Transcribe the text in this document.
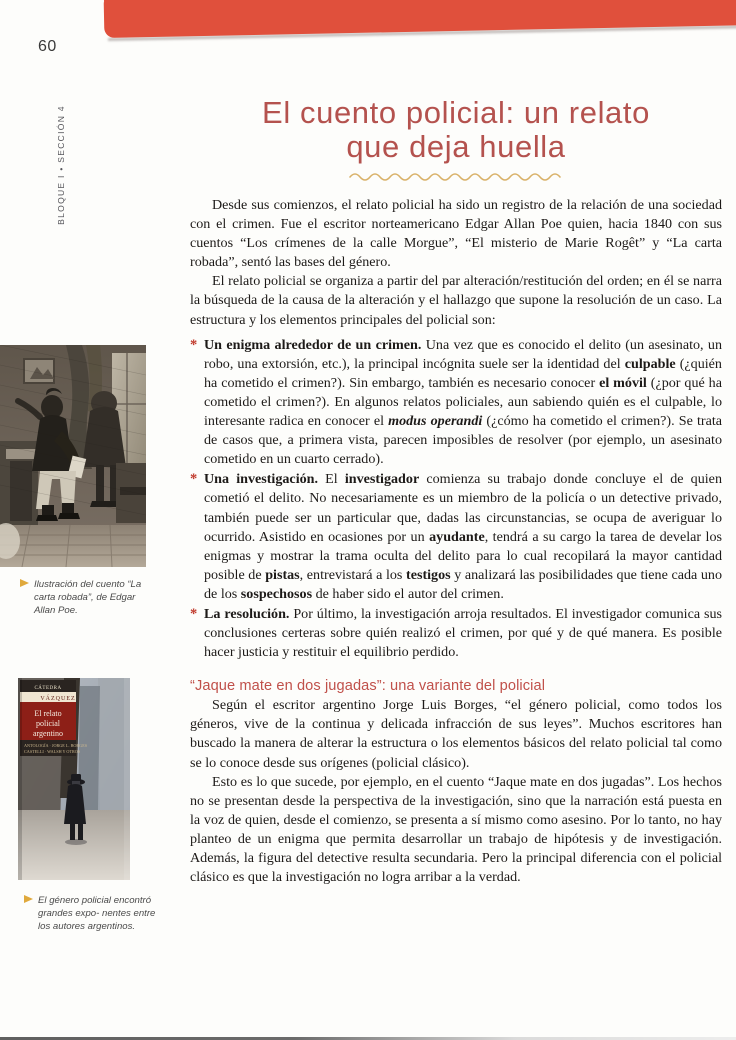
60
BLOQUE I • SECCIÓN 4
Ilustración del cuento “La carta robada”, de Edgar Allan Poe.
CÁTEDRA
VÁZQUEZ
El relato
policial
argentino
ANTOLOGÍA · JORGE L. BORGES
CASTELLI · WALSH Y OTROS
El género policial encontró grandes expo- nentes entre los autores argentinos.
El cuento policial: un relato
que deja huella

Desde sus comienzos, el relato policial ha sido un registro de la relación de una sociedad con el crimen. Fue el escritor norteamericano Edgar Allan Poe quien, hacia 1840 con sus cuentos “Los crímenes de la calle Morgue”, “El misterio de Marie Rogêt” y “La carta robada”, sentó las bases del género.

El relato policial se organiza a partir del par alteración/restitución del orden; en él se narra la búsqueda de la causa de la alteración y el hallazgo que supone la resolución de un caso. La estructura y los elementos principales del policial son:

* Un enigma alrededor de un crimen. Una vez que es conocido el delito (un asesinato, un robo, una extorsión, etc.), la principal incógnita suele ser la identidad del culpable (¿quién ha cometido el crimen?). Sin embargo, también es necesario conocer el móvil (¿por qué ha cometido el crimen?). En algunos relatos policiales, aun sabiendo quién es el culpable, lo interesante radica en conocer el modus operandi (¿cómo ha cometido el crimen?). Se trata de casos que, a primera vista, parecen imposibles de resolver (por ejemplo, un asesinato cometido en un cuarto cerrado).
* Una investigación. El investigador comienza su trabajo donde concluye el de quien cometió el delito. No necesariamente es un miembro de la policía o un detective privado, también puede ser un particular que, dadas las circunstancias, se ocupa de averiguar lo ocurrido. Asistido en ocasiones por un ayudante, tendrá a su cargo la tarea de develar los enigmas y mostrar la trama oculta del delito para lo cual recopilará la mayor cantidad posible de pistas, entrevistará a los testigos y analizará las posibilidades que tiene cada uno de los sospechosos de haber sido el autor del crimen.
* La resolución. Por último, la investigación arroja resultados. El investigador comunica sus conclusiones certeras sobre quién realizó el crimen, por qué y de qué manera. Es posible hacer justicia y restituir el equilibrio perdido.
“Jaque mate en dos jugadas”: una variante del policial

Según el escritor argentino Jorge Luis Borges, “el género policial, como todos los géneros, vive de la continua y delicada infracción de sus leyes”. Muchos escritores han buscado la manera de alterar la estructura o los elementos básicos del relato policial tal como se lo conoce desde sus orígenes (policial clásico).

Esto es lo que sucede, por ejemplo, en el cuento “Jaque mate en dos jugadas”. Los hechos no se presentan desde la perspectiva de la investigación, sino que la narración está puesta en la voz de quien, desde el comienzo, se presenta a sí mismo como asesino. Por lo tanto, no hay planteo de un enigma que permita desarrollar un trabajo de hipótesis y de investigación. Además, la figura del detective resulta secundaria. Pero la principal diferencia con el policial clásico es que la investigación no logra arribar a la verdad.
